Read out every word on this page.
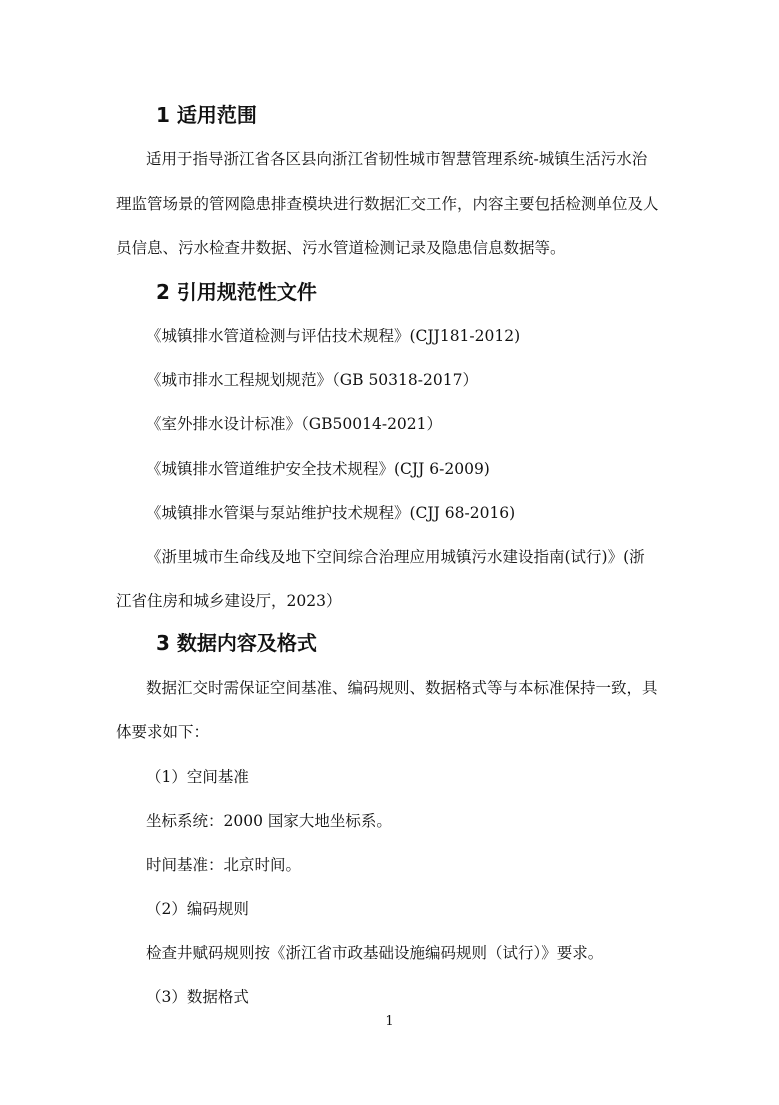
1 适用范围
适用于指导浙江省各区县向浙江省韧性城市智慧管理系统-城镇生活污水治
理监管场景的管网隐患排查模块进行数据汇交工作，内容主要包括检测单位及人
员信息、污水检查井数据、污水管道检测记录及隐患信息数据等。
2 引用规范性文件
《城镇排水管道检测与评估技术规程》(CJJ181-2012)
《城市排水工程规划规范》（GB 50318-2017）
《室外排水设计标准》（GB50014-2021）
《城镇排水管道维护安全技术规程》(CJJ 6-2009)
《城镇排水管渠与泵站维护技术规程》(CJJ 68-2016)
《浙里城市生命线及地下空间综合治理应用城镇污水建设指南(试行)》(浙
江省住房和城乡建设厅，2023）
3 数据内容及格式
数据汇交时需保证空间基准、编码规则、数据格式等与本标准保持一致，具
体要求如下：
（1）空间基准
坐标系统：2000 国家大地坐标系。
时间基准：北京时间。
（2）编码规则
检查井赋码规则按《浙江省市政基础设施编码规则（试行）》要求。
（3）数据格式
1
